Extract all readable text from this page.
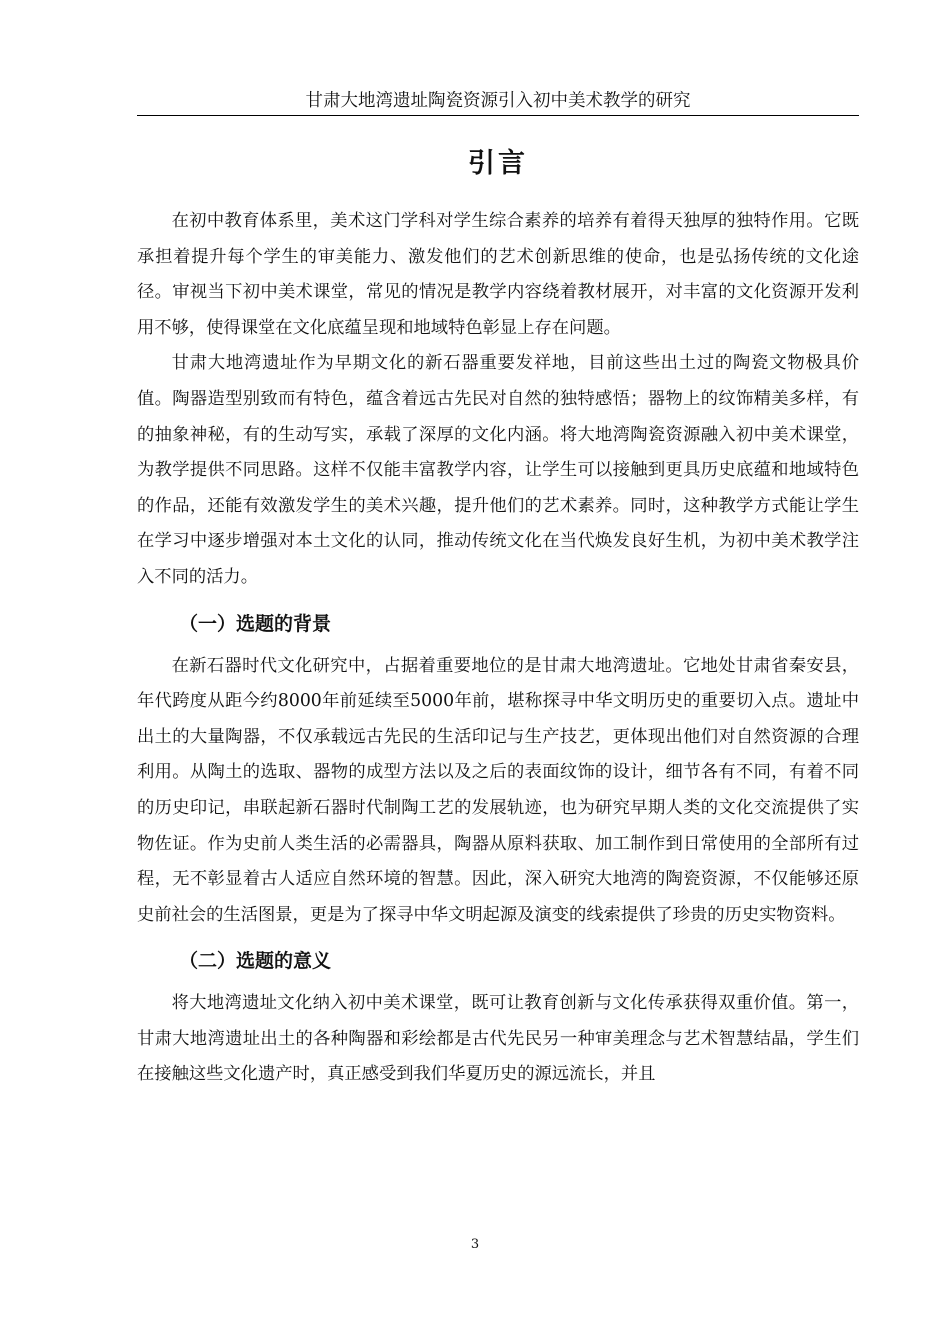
甘肃大地湾遗址陶瓷资源引入初中美术教学的研究
引言

在初中教育体系里，美术这门学科对学生综合素养的培养有着得天独厚的独特作用。它既承担着提升每个学生的审美能力、激发他们的艺术创新思维的使命，也是弘扬传统的文化途径。审视当下初中美术课堂，常见的情况是教学内容绕着教材展开，对丰富的文化资源开发利用不够，使得课堂在文化底蕴呈现和地域特色彰显上存在问题。

甘肃大地湾遗址作为早期文化的新石器重要发祥地，目前这些出土过的陶瓷文物极具价值。陶器造型别致而有特色，蕴含着远古先民对自然的独特感悟；器物上的纹饰精美多样，有的抽象神秘，有的生动写实，承载了深厚的文化内涵。将大地湾陶瓷资源融入初中美术课堂，为教学提供不同思路。这样不仅能丰富教学内容，让学生可以接触到更具历史底蕴和地域特色的作品，还能有效激发学生的美术兴趣，提升他们的艺术素养。同时，这种教学方式能让学生在学习中逐步增强对本土文化的认同，推动传统文化在当代焕发良好生机，为初中美术教学注入不同的活力。

（一）选题的背景

在新石器时代文化研究中，占据着重要地位的是甘肃大地湾遗址。它地处甘肃省秦安县，年代跨度从距今约8000年前延续至5000年前，堪称探寻中华文明历史的重要切入点。遗址中出土的大量陶器，不仅承载远古先民的生活印记与生产技艺，更体现出他们对自然资源的合理利用。从陶土的选取、器物的成型方法以及之后的表面纹饰的设计，细节各有不同，有着不同的历史印记，串联起新石器时代制陶工艺的发展轨迹，也为研究早期人类的文化交流提供了实物佐证。作为史前人类生活的必需器具，陶器从原料获取、加工制作到日常使用的全部所有过程，无不彰显着古人适应自然环境的智慧。因此，深入研究大地湾的陶瓷资源，不仅能够还原史前社会的生活图景，更是为了探寻中华文明起源及演变的线索提供了珍贵的历史实物资料。

（二）选题的意义

将大地湾遗址文化纳入初中美术课堂，既可让教育创新与文化传承获得双重价值。第一，甘肃大地湾遗址出土的各种陶器和彩绘都是古代先民另一种审美理念与艺术智慧结晶，学生们在接触这些文化遗产时，真正感受到我们华夏历史的源远流长，并且

3
